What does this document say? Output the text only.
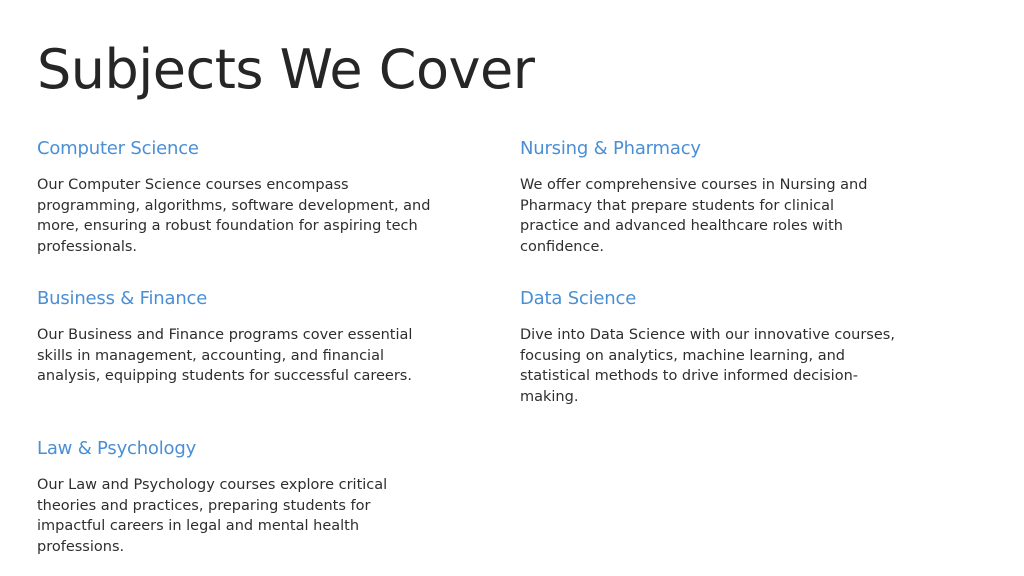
Subjects We Cover
Computer Science

Our Computer Science courses encompass programming, algorithms, software development, and more, ensuring a robust foundation for aspiring tech professionals.

Nursing & Pharmacy

We offer comprehensive courses in Nursing and Pharmacy that prepare students for clinical practice and advanced healthcare roles with confidence.

Business & Finance

Our Business and Finance programs cover essential skills in management, accounting, and financial analysis, equipping students for successful careers.

Data Science

Dive into Data Science with our innovative courses, focusing on analytics, machine learning, and statistical methods to drive informed decision-making.

Law & Psychology

Our Law and Psychology courses explore critical theories and practices, preparing students for impactful careers in legal and mental health professions.
